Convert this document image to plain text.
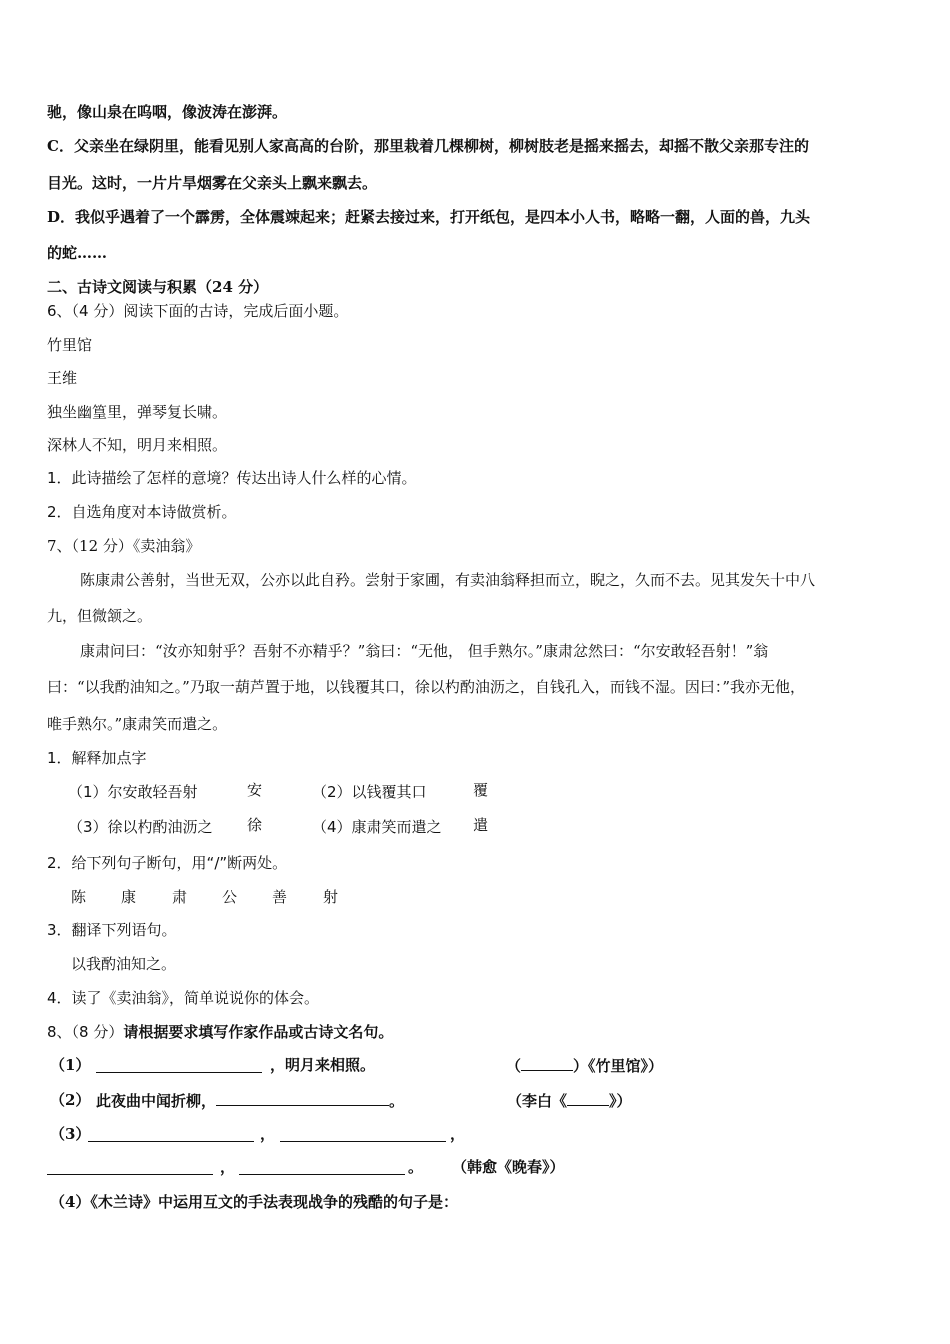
驰，像山泉在呜咽，像波涛在澎湃。
C．父亲坐在绿阴里，能看见别人家高高的台阶，那里栽着几棵柳树，柳树肢老是摇来摇去，却摇不散父亲那专注的
目光。这时，一片片旱烟雾在父亲头上飘来飘去。
D．我似乎遇着了一个霹雳，全体震竦起来；赶紧去接过来，打开纸包，是四本小人书，略略一翻，人面的兽，九头
的蛇……
二、古诗文阅读与积累（24 分）
6、（4 分）阅读下面的古诗，完成后面小题。
竹里馆
王维
独坐幽篁里，弹琴复长啸。
深林人不知，明月来相照。
1．此诗描绘了怎样的意境？传达出诗人什么样的心情。
2．自选角度对本诗做赏析。
7、（12 分）《卖油翁》
陈康肃公善射，当世无双，公亦以此自矜。尝射于家圃，有卖油翁释担而立，睨之，久而不去。见其发矢十中八
九，但微颔之。
康肃问曰：“汝亦知射乎？吾射不亦精乎？”翁曰：“无他， 但手熟尔。”康肃忿然曰：“尔安敢轻吾射！”翁
曰：“以我酌油知之。”乃取一葫芦置于地，以钱覆其口，徐以杓酌油沥之，自钱孔入，而钱不湿。因曰：”我亦无他，
唯手熟尔。”康肃笑而遣之。
1．解释加点字
（1）尔安敢轻吾射	安	（2）以钱覆其口	覆
（3）徐以杓酌油沥之 徐	（4）康肃笑而遣之 遣
2．给下列句子断句，用“/”断两处。
陈 康 肃 公 善 射
3．翻译下列语句。
以我酌油知之。
4．读了《卖油翁》，简单说说你的体会。
8、（8 分）请根据要求填写作家作品或古诗文名句。
（1）	，明月来相照。	（	）《竹里馆》）
（2） 此夜曲中闻折柳，	。	（李白《	》）
（3）	，	，
，	。 （韩愈《晚春》）
（4）《木兰诗》中运用互文的手法表现战争的残酷的句子是：
